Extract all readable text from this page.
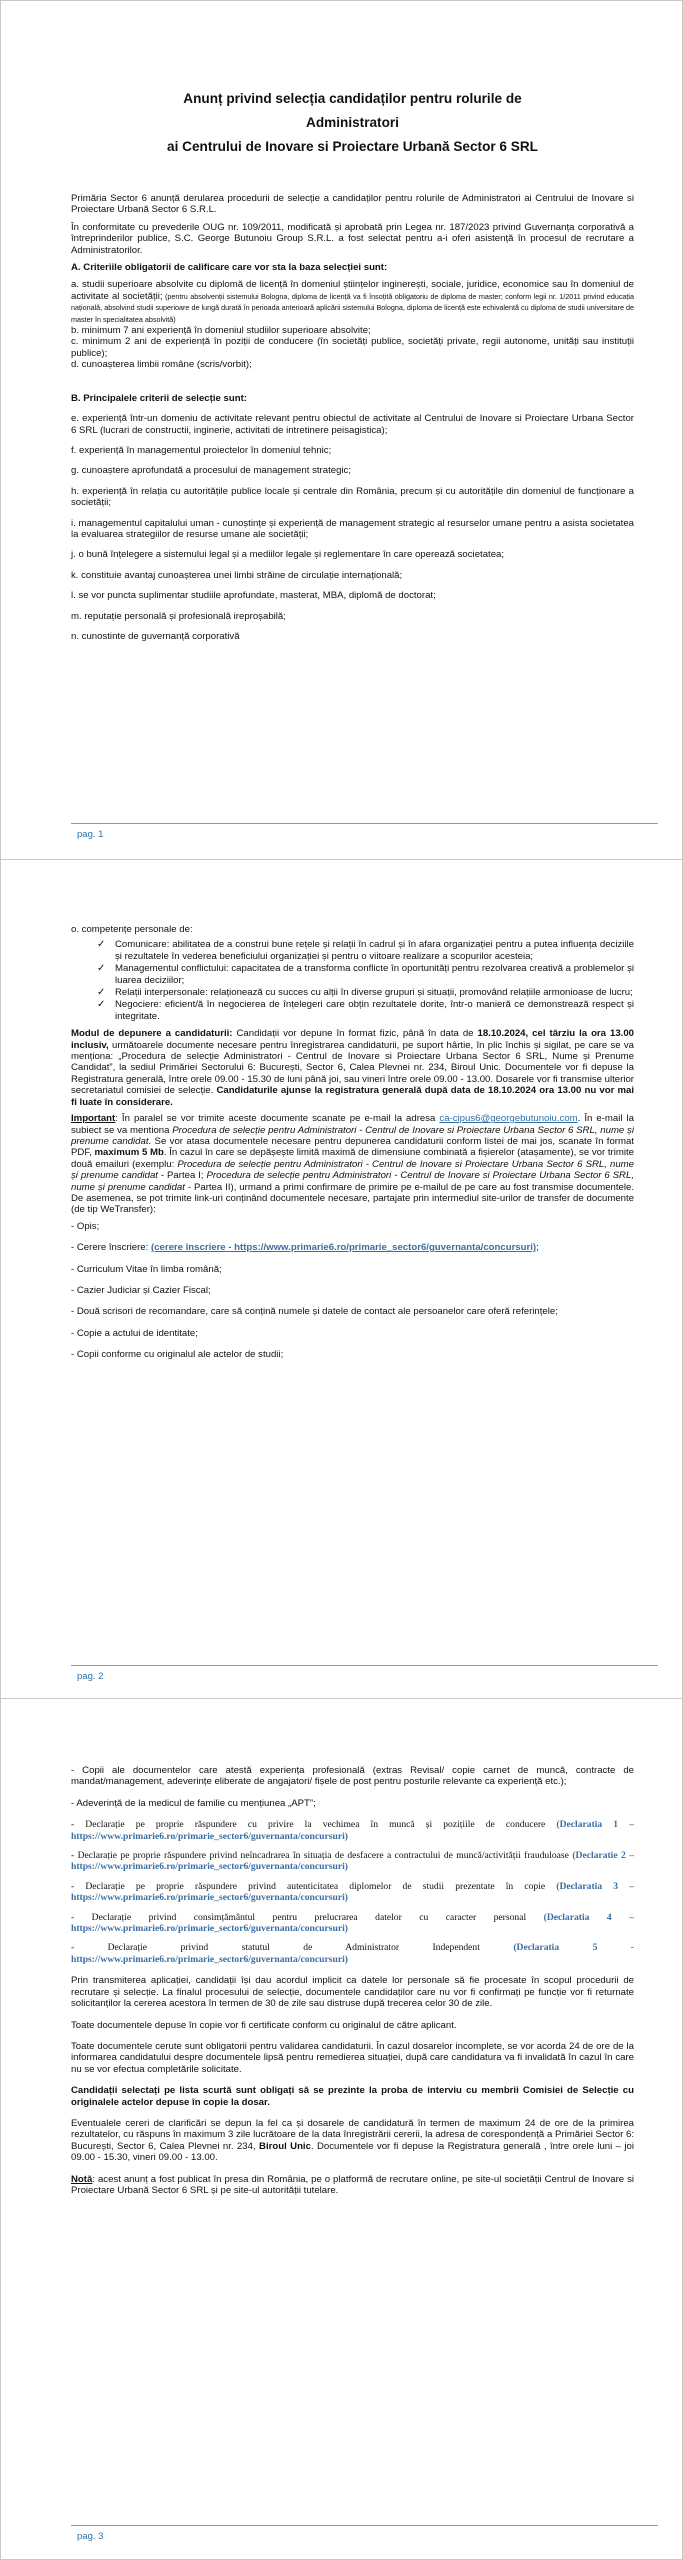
Anunț privind selecția candidaților pentru rolurile de

Administratori

ai Centrului de Inovare si Proiectare Urbană Sector 6 SRL

Primăria Sector 6 anunță derularea procedurii de selecție a candidaților pentru rolurile de Administratori ai Centrului de Inovare si Proiectare Urbană Sector 6 S.R.L.

În conformitate cu prevederile OUG nr. 109/2011, modificată și aprobată prin Legea nr. 187/2023 privind Guvernanța corporativă a întreprinderilor publice, S.C. George Butunoiu Group S.R.L. a fost selectat pentru a-i oferi asistență în procesul de recrutare a Administratorilor.

A. Criteriile obligatorii de calificare care vor sta la baza selecției sunt:

a. studii superioare absolvite cu diplomă de licență în domeniul științelor inginerești, sociale, juridice, economice sau în domeniul de activitate al societății; (pentru absolvenții sistemului Bologna, diploma de licență va fi însoțită obligatoriu de diploma de master; conform legii nr. 1/2011 privind educația națională, absolvind studii superioare de lungă durată în perioada anterioară aplicării sistemului Bologna, diploma de licență este echivalentă cu diploma de studii universitare de master în specialitatea absolvită)

b. minimum 7 ani experiență în domeniul studiilor superioare absolvite;

c. minimum 2 ani de experiență în poziții de conducere (în societăți publice, societăți private, regii autonome, unități sau instituții publice);

d. cunoașterea limbii române (scris/vorbit);

B. Principalele criterii de selecție sunt:

e. experiență într-un domeniu de activitate relevant pentru obiectul de activitate al Centrului de Inovare si Proiectare Urbana Sector 6 SRL (lucrari de constructii, inginerie, activitati de intretinere peisagistica);

f. experiență în managementul proiectelor în domeniul tehnic;

g. cunoaștere aprofundată a procesului de management strategic;

h. experiență în relația cu autoritățile publice locale și centrale din România, precum și cu autoritățile din domeniul de funcționare a societății;

i. managementul capitalului uman - cunoștințe și experiență de management strategic al resurselor umane pentru a asista societatea la evaluarea strategiilor de resurse umane ale societății;

j. o bună înțelegere a sistemului legal și a mediilor legale și reglementare în care operează societatea;

k. constituie avantaj cunoașterea unei limbi străine de circulație internațională;

l. se vor puncta suplimentar studiile aprofundate, masterat, MBA, diplomă de doctorat;

m. reputație personală și profesională ireproșabilă;

n. cunostinte de guvernanță corporativă

pag. 1

o. competențe personale de:

✓ Comunicare: abilitatea de a construi bune rețele și relații în cadrul și în afara organizației pentru a putea influența deciziile și rezultatele în vederea beneficiului organizației și pentru o viitoare realizare a scopurilor acesteia;
✓ Managementul conflictului: capacitatea de a transforma conflicte în oportunități pentru rezolvarea creativă a problemelor și luarea deciziilor;
✓ Relații interpersonale: relaționează cu succes cu alții în diverse grupuri și situații, promovând relațiile armonioase de lucru;
✓ Negociere: eficient/ă în negocierea de înțelegeri care obțin rezultatele dorite, într-o manieră ce demonstrează respect și integritate.

Modul de depunere a candidaturii: Candidații vor depune în format fizic, până în data de 18.10.2024, cel târziu la ora 13.00 inclusiv, următoarele documente necesare pentru înregistrarea candidaturii, pe suport hârtie, în plic închis și sigilat, pe care se va menționa: „Procedura de selecție Administratori - Centrul de Inovare si Proiectare Urbana Sector 6 SRL, Nume și Prenume Candidat”, la sediul Primăriei Sectorului 6: București, Sector 6, Calea Plevnei nr. 234, Biroul Unic. Documentele vor fi depuse la Registratura generală, între orele 09.00 - 15.30 de luni până joi, sau vineri între orele 09.00 - 13.00. Dosarele vor fi transmise ulterior secretariatul comisiei de selecție. Candidaturile ajunse la registratura generală după data de 18.10.2024 ora 13.00 nu vor mai fi luate în considerare.

Important: În paralel se vor trimite aceste documente scanate pe e-mail la adresa ca-cipus6@georgebutunoiu.com. În e-mail la subiect se va mentiona Procedura de selecție pentru Administratori - Centrul de Inovare si Proiectare Urbana Sector 6 SRL, nume și prenume candidat. Se vor atasa documentele necesare pentru depunerea candidaturii conform listei de mai jos, scanate în format PDF, maximum 5 Mb. În cazul în care se depășește limită maximă de dimensiune combinată a fișierelor (atașamente), se vor trimite două emailuri (exemplu: Procedura de selecție pentru Administratori - Centrul de Inovare si Proiectare Urbana Sector 6 SRL, nume și prenume candidat - Partea I; Procedura de selecție pentru Administratori - Centrul de Inovare si Proiectare Urbana Sector 6 SRL, nume și prenume candidat - Partea II), urmand a primi confirmare de primire pe e-mailul de pe care au fost transmise documentele. De asemenea, se pot trimite link-uri conținând documentele necesare, partajate prin intermediul site-urilor de transfer de documente (de tip WeTransfer):

- Opis;

- Cerere înscriere: (cerere înscriere - https://www.primarie6.ro/primarie_sector6/guvernanta/concursuri);

- Curriculum Vitae în limba română;

- Cazier Judiciar și Cazier Fiscal;

- Două scrisori de recomandare, care să conțină numele și datele de contact ale persoanelor care oferă referințele;

- Copie a actului de identitate;

- Copii conforme cu originalul ale actelor de studii;

pag. 2

- Copii ale documentelor care atestă experiența profesională (extras Revisal/ copie carnet de muncă, contracte de mandat/management, adeverințe eliberate de angajatori/ fișele de post pentru posturile relevante ca experiență etc.);

- Adeverință de la medicul de familie cu mențiunea „APT”;

- Declarație pe proprie răspundere cu privire la vechimea în muncă și pozițiile de conducere (Declaratia 1 – https://www.primarie6.ro/primarie_sector6/guvernanta/concursuri)

- Declarație pe proprie răspundere privind neîncadrarea în situația de desfacere a contractului de muncă/activității frauduloase (Declaratie 2 – https://www.primarie6.ro/primarie_sector6/guvernanta/concursuri)

- Declarație pe proprie răspundere privind autenticitatea diplomelor de studii prezentate în copie (Declaratia 3 – https://www.primarie6.ro/primarie_sector6/guvernanta/concursuri)

- Declarație privind consimțământul pentru prelucrarea datelor cu caracter personal (Declaratia 4 – https://www.primarie6.ro/primarie_sector6/guvernanta/concursuri)

- Declarație privind statutul de Administrator Independent (Declaratia 5 - https://www.primarie6.ro/primarie_sector6/guvernanta/concursuri)

Prin transmiterea aplicației, candidații își dau acordul implicit ca datele lor personale să fie procesate în scopul procedurii de recrutare și selecție. La finalul procesului de selecție, documentele candidaților care nu vor fi confirmați pe funcție vor fi returnate solicitanților la cererea acestora în termen de 30 de zile sau distruse după trecerea celor 30 de zile.

Toate documentele depuse în copie vor fi certificate conform cu originalul de către aplicant.

Toate documentele cerute sunt obligatorii pentru validarea candidaturii. În cazul dosarelor incomplete, se vor acorda 24 de ore de la informarea candidatului despre documentele lipsă pentru remedierea situației, după care candidatura va fi invalidată în cazul în care nu se vor efectua completările solicitate.

Candidații selectați pe lista scurtă sunt obligați să se prezinte la proba de interviu cu membrii Comisiei de Selecție cu originalele actelor depuse în copie la dosar.

Eventualele cereri de clarificări se depun la fel ca și dosarele de candidatură în termen de maximum 24 de ore de la primirea rezultatelor, cu răspuns în maximum 3 zile lucrătoare de la data înregistrării cererii, la adresa de corespondență a Primăriei Sector 6: București, Sector 6, Calea Plevnei nr. 234, Biroul Unic. Documentele vor fi depuse la Registratura generală , între orele luni – joi 09.00 - 15.30, vineri 09.00 - 13.00.

Notă: acest anunț a fost publicat în presa din România, pe o platformă de recrutare online, pe site-ul societății Centrul de Inovare si Proiectare Urbană Sector 6 SRL și pe site-ul autorității tutelare.

pag. 3
